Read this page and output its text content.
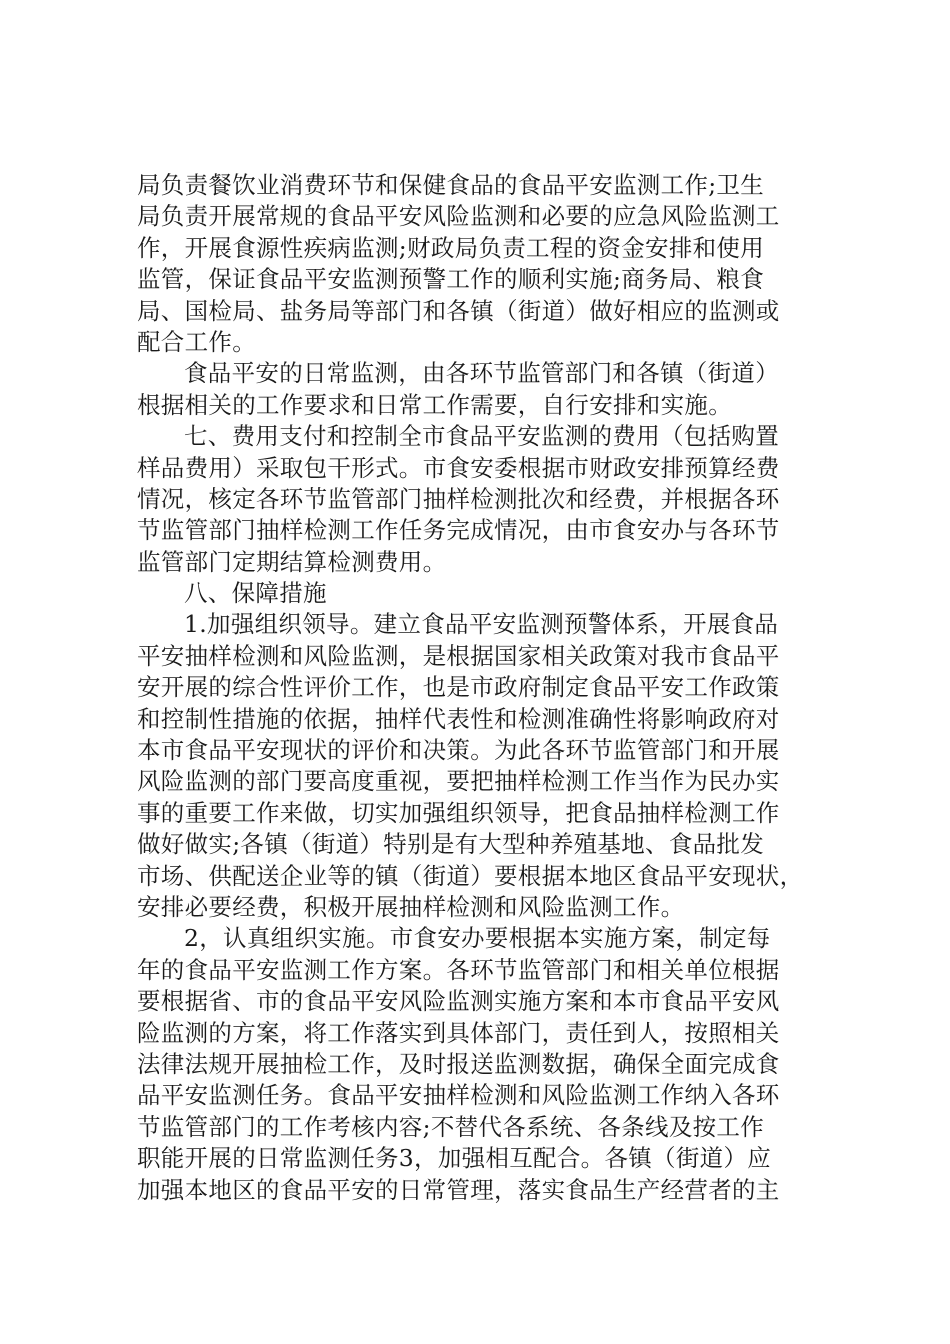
局负责餐饮业消费环节和保健食品的食品平安监测工作;卫生
局负责开展常规的食品平安风险监测和必要的应急风险监测工
作，开展食源性疾病监测;财政局负责工程的资金安排和使用
监管，保证食品平安监测预警工作的顺利实施;商务局、粮食
局、国检局、盐务局等部门和各镇（街道）做好相应的监测或
配合工作。
食品平安的日常监测，由各环节监管部门和各镇（街道）
根据相关的工作要求和日常工作需要，自行安排和实施。
七、费用支付和控制全市食品平安监测的费用（包括购置
样品费用）采取包干形式。市食安委根据市财政安排预算经费
情况，核定各环节监管部门抽样检测批次和经费，并根据各环
节监管部门抽样检测工作任务完成情况，由市食安办与各环节
监管部门定期结算检测费用。
八、保障措施
1.加强组织领导。建立食品平安监测预警体系，开展食品
平安抽样检测和风险监测，是根据国家相关政策对我市食品平
安开展的综合性评价工作，也是市政府制定食品平安工作政策
和控制性措施的依据，抽样代表性和检测准确性将影响政府对
本市食品平安现状的评价和决策。为此各环节监管部门和开展
风险监测的部门要高度重视，要把抽样检测工作当作为民办实
事的重要工作来做，切实加强组织领导，把食品抽样检测工作
做好做实;各镇（街道）特别是有大型种养殖基地、食品批发
市场、供配送企业等的镇（街道）要根据本地区食品平安现状，
安排必要经费，积极开展抽样检测和风险监测工作。
2，认真组织实施。市食安办要根据本实施方案，制定每
年的食品平安监测工作方案。各环节监管部门和相关单位根据
要根据省、市的食品平安风险监测实施方案和本市食品平安风
险监测的方案，将工作落实到具体部门，责任到人，按照相关
法律法规开展抽检工作，及时报送监测数据，确保全面完成食
品平安监测任务。食品平安抽样检测和风险监测工作纳入各环
节监管部门的工作考核内容;不替代各系统、各条线及按工作
职能开展的日常监测任务3，加强相互配合。各镇（街道）应
加强本地区的食品平安的日常管理，落实食品生产经营者的主
